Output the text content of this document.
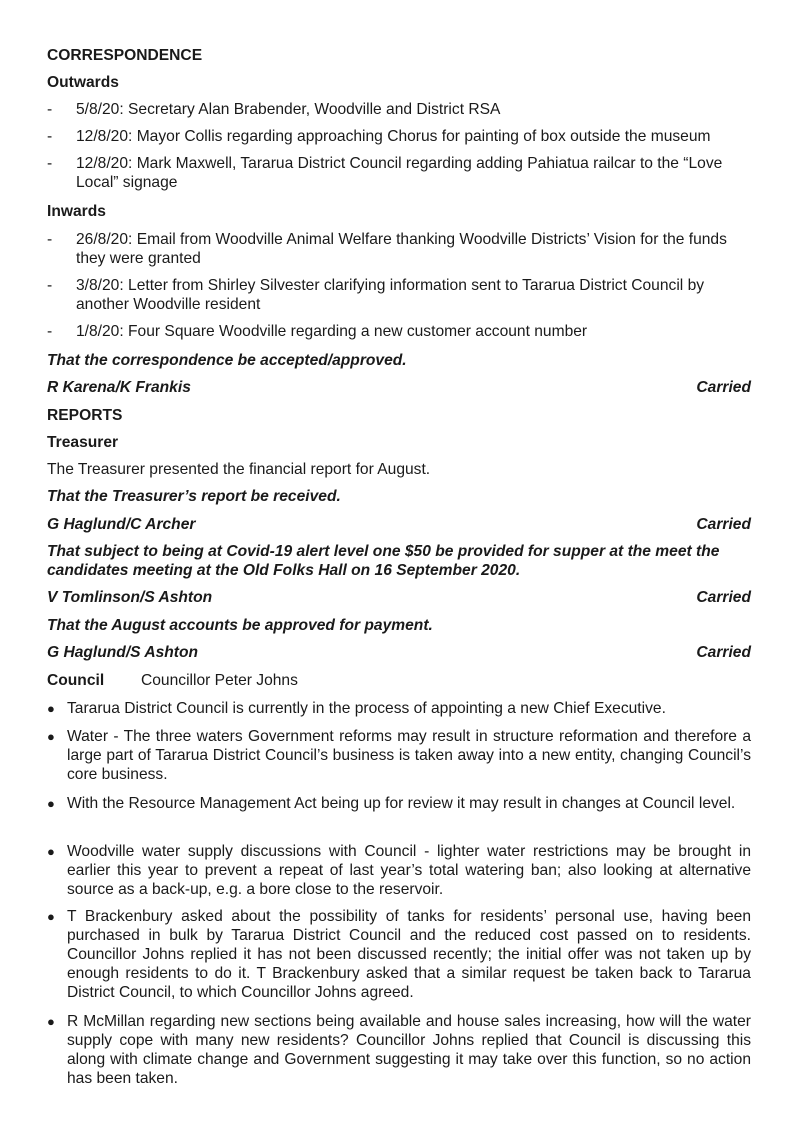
CORRESPONDENCE
Outwards
-	5/8/20: Secretary Alan Brabender, Woodville and District RSA
-	12/8/20: Mayor Collis regarding approaching Chorus for painting of box outside the museum
-	12/8/20: Mark Maxwell, Tararua District Council regarding adding Pahiatua railcar to the “Love Local” signage
Inwards
-	26/8/20: Email from Woodville Animal Welfare thanking Woodville Districts’ Vision for the funds they were granted
-	3/8/20: Letter from Shirley Silvester clarifying information sent to Tararua District Council by another Woodville resident
-	1/8/20: Four Square Woodville regarding a new customer account number
That the correspondence be accepted/approved.
R Karena/K Frankis	Carried
REPORTS
Treasurer
The Treasurer presented the financial report for August.
That the Treasurer’s report be received.
G Haglund/C Archer	Carried
That subject to being at Covid-19 alert level one $50 be provided for supper at the meet the candidates meeting at the Old Folks Hall on 16 September 2020.
V Tomlinson/S Ashton	Carried
That the August accounts be approved for payment.
G Haglund/S Ashton	Carried
Council Councillor Peter Johns
● Tararua District Council is currently in the process of appointing a new Chief Executive.
● Water - The three waters Government reforms may result in structure reformation and therefore a large part of Tararua District Council’s business is taken away into a new entity, changing Council’s core business.
● With the Resource Management Act being up for review it may result in changes at Council level.
● Woodville water supply discussions with Council - lighter water restrictions may be brought in earlier this year to prevent a repeat of last year’s total watering ban; also looking at alternative source as a back-up, e.g. a bore close to the reservoir.
● T Brackenbury asked about the possibility of tanks for residents’ personal use, having been purchased in bulk by Tararua District Council and the reduced cost passed on to residents. Councillor Johns replied it has not been discussed recently; the initial offer was not taken up by enough residents to do it. T Brackenbury asked that a similar request be taken back to Tararua District Council, to which Councillor Johns agreed.
● R McMillan regarding new sections being available and house sales increasing, how will the water supply cope with many new residents? Councillor Johns replied that Council is discussing this along with climate change and Government suggesting it may take over this function, so no action has been taken.
